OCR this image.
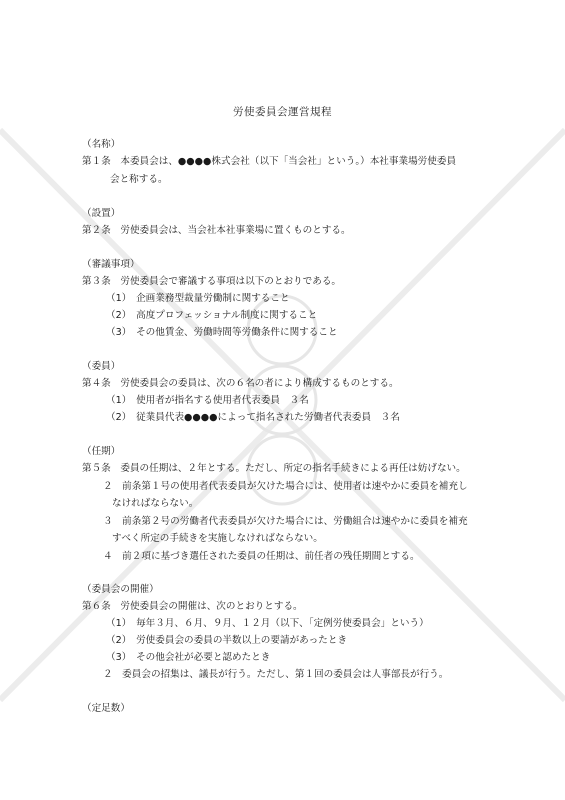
労使委員会運営規程
（名称）
第１条　本委員会は、●●●●株式会社（以下「当会社」という。）本社事業場労使委員
会と称する。
（設置）
第２条　労使委員会は、当会社本社事業場に置くものとする。
（審議事項）
第３条　労使委員会で審議する事項は以下のとおりである。
（1）　企画業務型裁量労働制に関すること
（2）　高度プロフェッショナル制度に関すること
（3）　その他賃金、労働時間等労働条件に関すること
（委員）
第４条　労使委員会の委員は、次の６名の者により構成するものとする。
（1）　使用者が指名する使用者代表委員　３名
（2）　従業員代表●●●●によって指名された労働者代表委員　３名
（任期）
第５条　委員の任期は、２年とする。ただし、所定の指名手続きによる再任は妨げない。
２　前条第１号の使用者代表委員が欠けた場合には、使用者は速やかに委員を補充し
なければならない。
３　前条第２号の労働者代表委員が欠けた場合には、労働組合は速やかに委員を補充
すべく所定の手続きを実施しなければならない。
４　前２項に基づき選任された委員の任期は、前任者の残任期間とする。
（委員会の開催）
第６条　労使委員会の開催は、次のとおりとする。
（1）　毎年３月、６月、９月、１２月（以下、「定例労使委員会」という）
（2）　労使委員会の委員の半数以上の要請があったとき
（3）　その他会社が必要と認めたとき
２　委員会の招集は、議長が行う。ただし、第１回の委員会は人事部長が行う。
（定足数）
